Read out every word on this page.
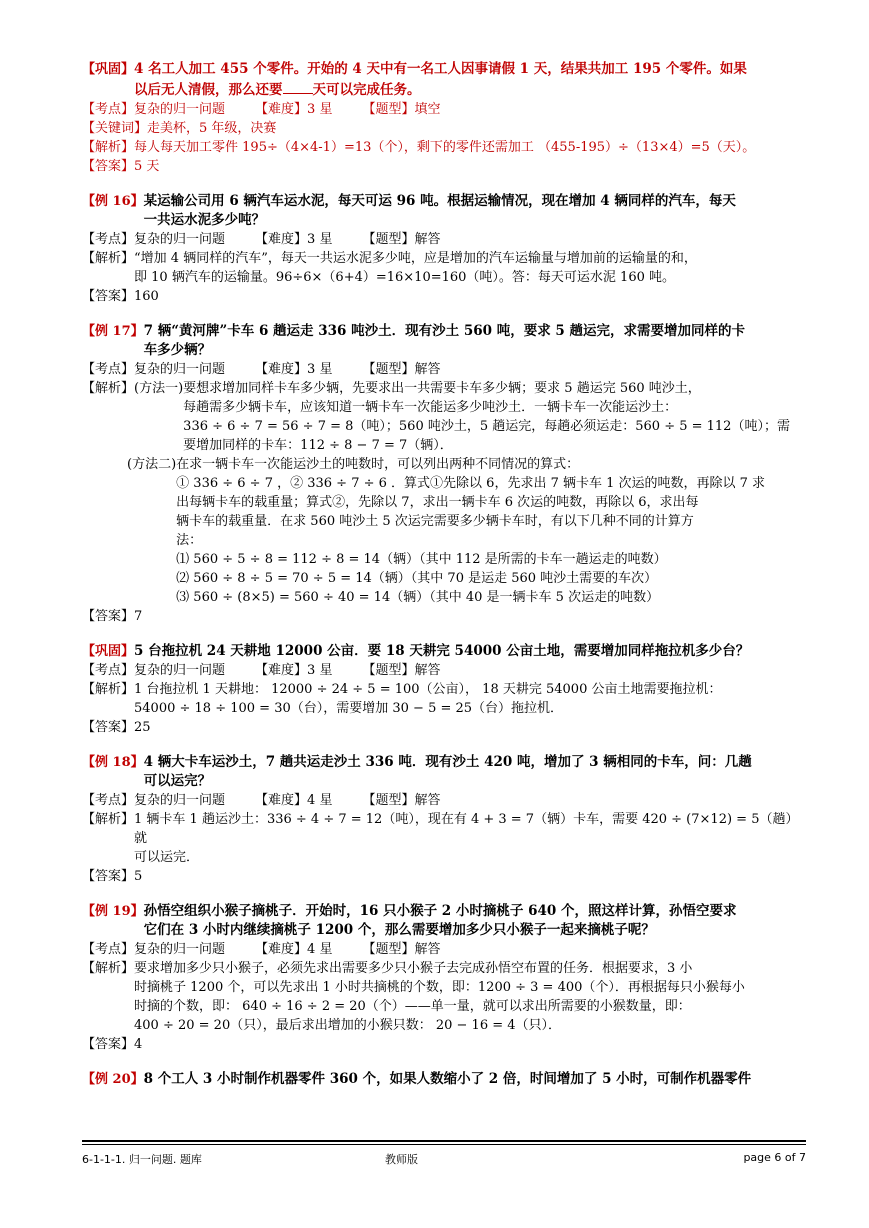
【巩固】 4 名工人加工 455 个零件。开始的 4 天中有一名工人因事请假 1 天，结果共加工 195 个零件。如果
以后无人清假，那么还要 天可以完成任务。
【考点】 复杂的归一问题 【难度】 3 星 【题型】 填空
【关键词】 走美杯，5 年级，决赛
【解析】 每人每天加工零件 195÷（4×4-1）=13（个），剩下的零件还需加工 （455-195）÷（13×4）=5（天）。
【答案】 5 天
【例 16】 某运输公司用 6 辆汽车运水泥，每天可运 96 吨。根据运输情况，现在增加 4 辆同样的汽车，每天
一共运水泥多少吨？
【考点】 复杂的归一问题 【难度】 3 星 【题型】 解答
【解析】 “增加 4 辆同样的汽车”，每天一共运水泥多少吨，应是增加的汽车运输量与增加前的运输量的和，
即 10 辆汽车的运输量。96÷6×（6+4）=16×10=160（吨）。答：每天可运水泥 160 吨。
【答案】 160
【例 17】 7 辆“黄河牌”卡车 6 趟运走 336 吨沙土．现有沙土 560 吨，要求 5 趟运完，求需要增加同样的卡
车多少辆？
【考点】 复杂的归一问题 【难度】 3 星 【题型】 解答
【解析】 (方法一) 要想求增加同样卡车多少辆，先要求出一共需要卡车多少辆；要求 5 趟运完 560 吨沙土，
每趟需多少辆卡车，应该知道一辆卡车一次能运多少吨沙土．一辆卡车一次能运沙土：
336 ÷ 6 ÷ 7 = 56 ÷ 7 = 8（吨）；560 吨沙土，5 趟运完，每趟必须运走：560 ÷ 5 = 112（吨）；需
要增加同样的卡车：112 ÷ 8 − 7 = 7（辆）．
(方法二) 在求一辆卡车一次能运沙土的吨数时，可以列出两种不同情况的算式：
① 336 ÷ 6 ÷ 7 ，② 336 ÷ 7 ÷ 6 ．算式①先除以 6，先求出 7 辆卡车 1 次运的吨数，再除以 7 求
出每辆卡车的载重量；算式②，先除以 7，求出一辆卡车 6 次运的吨数，再除以 6，求出每
辆卡车的载重量．在求 560 吨沙土 5 次运完需要多少辆卡车时，有以下几种不同的计算方
法：
⑴ 560 ÷ 5 ÷ 8 = 112 ÷ 8 = 14（辆）（其中 112 是所需的卡车一趟运走的吨数）
⑵ 560 ÷ 8 ÷ 5 = 70 ÷ 5 = 14（辆）（其中 70 是运走 560 吨沙土需要的车次）
⑶ 560 ÷ (8×5) = 560 ÷ 40 = 14（辆）（其中 40 是一辆卡车 5 次运走的吨数）
【答案】 7
【巩固】 5 台拖拉机 24 天耕地 12000 公亩．要 18 天耕完 54000 公亩土地，需要增加同样拖拉机多少台？
【考点】 复杂的归一问题 【难度】 3 星 【题型】 解答
【解析】 1 台拖拉机 1 天耕地： 12000 ÷ 24 ÷ 5 = 100（公亩）， 18 天耕完 54000 公亩土地需要拖拉机：
54000 ÷ 18 ÷ 100 = 30（台），需要增加 30 − 5 = 25（台）拖拉机．
【答案】 25
【例 18】 4 辆大卡车运沙土，7 趟共运走沙土 336 吨．现有沙土 420 吨，增加了 3 辆相同的卡车，问：几趟
可以运完？
【考点】 复杂的归一问题 【难度】 4 星 【题型】 解答
【解析】 1 辆卡车 1 趟运沙土：336 ÷ 4 ÷ 7 = 12（吨），现在有 4 + 3 = 7（辆）卡车，需要 420 ÷ (7×12) = 5（趟）就
可以运完．
【答案】 5
【例 19】 孙悟空组织小猴子摘桃子．开始时，16 只小猴子 2 小时摘桃子 640 个，照这样计算，孙悟空要求
它们在 3 小时内继续摘桃子 1200 个，那么需要增加多少只小猴子一起来摘桃子呢？
【考点】 复杂的归一问题 【难度】 4 星 【题型】 解答
【解析】 要求增加多少只小猴子，必须先求出需要多少只小猴子去完成孙悟空布置的任务．根据要求，3 小
时摘桃子 1200 个，可以先求出 1 小时共摘桃的个数，即：1200 ÷ 3 = 400（个）．再根据每只小猴每小
时摘的个数，即： 640 ÷ 16 ÷ 2 = 20（个）——单一量，就可以求出所需要的小猴数量，即：
400 ÷ 20 = 20（只），最后求出增加的小猴只数： 20 − 16 = 4（只）．
【答案】 4
【例 20】 8 个工人 3 小时制作机器零件 360 个，如果人数缩小了 2 倍，时间增加了 5 小时，可制作机器零件
6-1-1-1. 归一问题. 题库	教师版	page 6 of 7
